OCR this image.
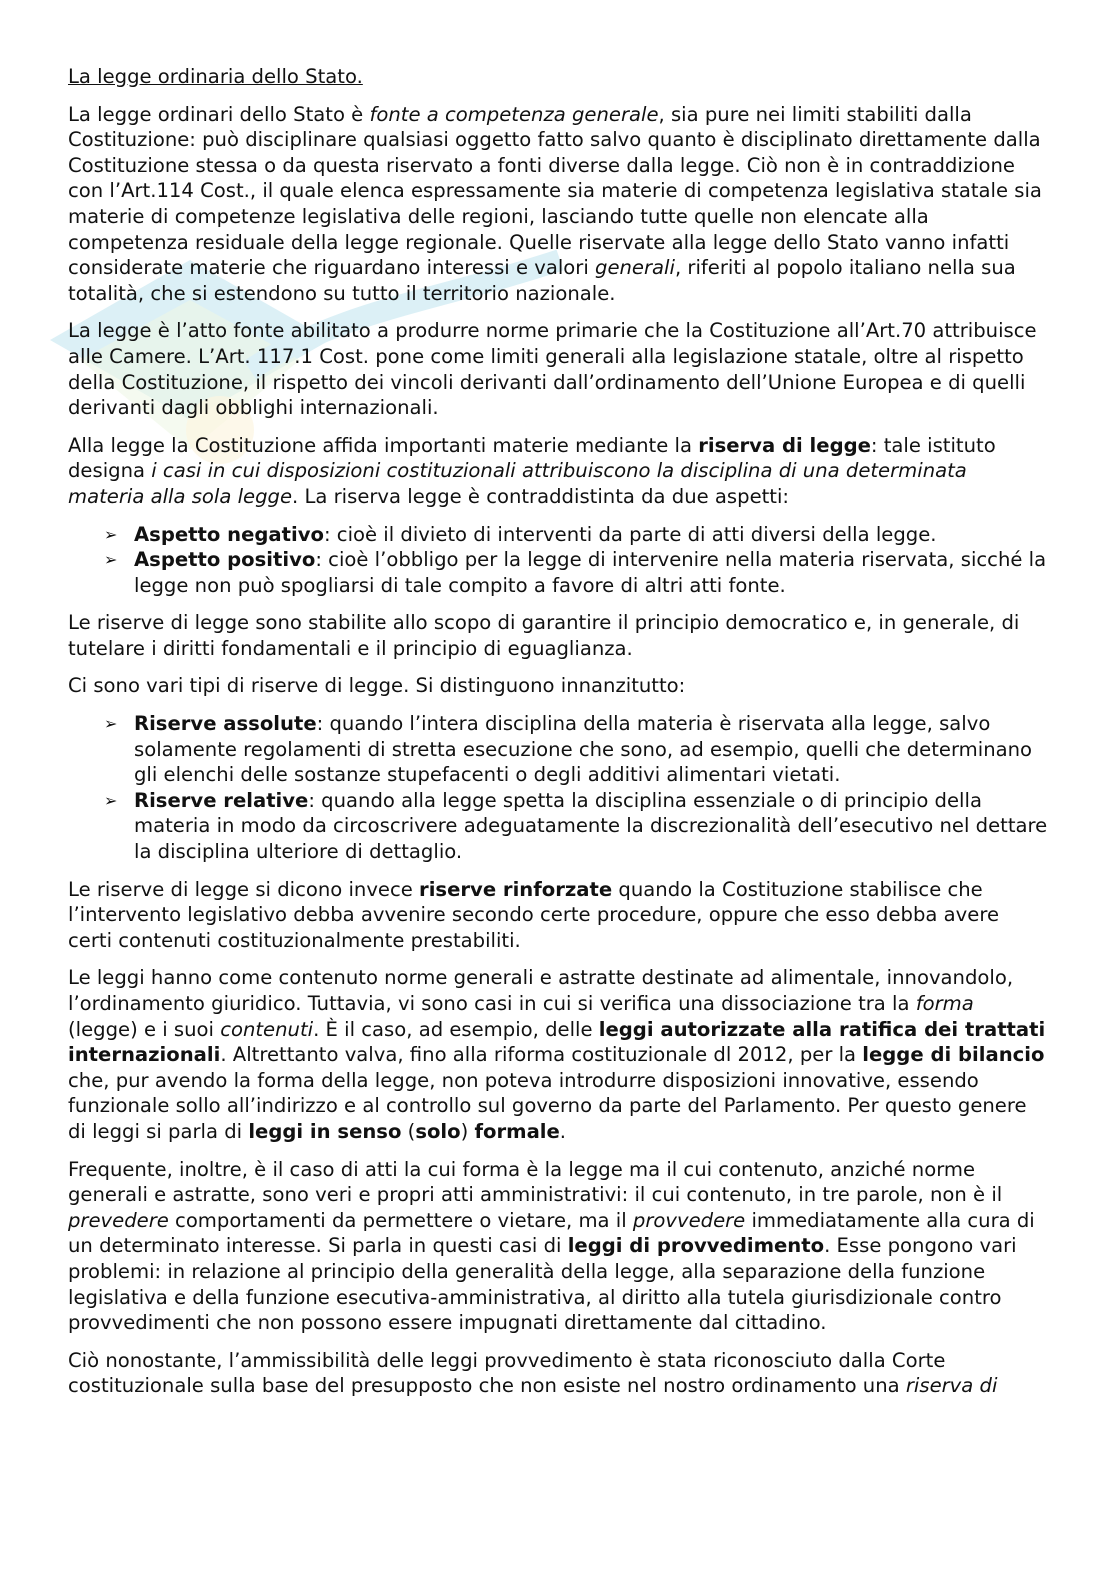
La legge ordinaria dello Stato.

La legge ordinari dello Stato è fonte a competenza generale, sia pure nei limiti stabiliti dalla Costituzione: può disciplinare qualsiasi oggetto fatto salvo quanto è disciplinato direttamente dalla Costituzione stessa o da questa riservato a fonti diverse dalla legge. Ciò non è in contraddizione con l’Art.114 Cost., il quale elenca espressamente sia materie di competenza legislativa statale sia materie di competenze legislativa delle regioni, lasciando tutte quelle non elencate alla competenza residuale della legge regionale. Quelle riservate alla legge dello Stato vanno infatti considerate materie che riguardano interessi e valori generali, riferiti al popolo italiano nella sua totalità, che si estendono su tutto il territorio nazionale.

La legge è l’atto fonte abilitato a produrre norme primarie che la Costituzione all’Art.70 attribuisce alle Camere. L’Art. 117.1 Cost. pone come limiti generali alla legislazione statale, oltre al rispetto della Costituzione, il rispetto dei vincoli derivanti dall’ordinamento dell’Unione Europea e di quelli derivanti dagli obblighi internazionali.

Alla legge la Costituzione affida importanti materie mediante la riserva di legge: tale istituto designa i casi in cui disposizioni costituzionali attribuiscono la disciplina di una determinata materia alla sola legge. La riserva legge è contraddistinta da due aspetti:

➢ Aspetto negativo: cioè il divieto di interventi da parte di atti diversi della legge.
➢ Aspetto positivo: cioè l’obbligo per la legge di intervenire nella materia riservata, sicché la legge non può spogliarsi di tale compito a favore di altri atti fonte.

Le riserve di legge sono stabilite allo scopo di garantire il principio democratico e, in generale, di tutelare i diritti fondamentali e il principio di eguaglianza.

Ci sono vari tipi di riserve di legge. Si distinguono innanzitutto:

➢ Riserve assolute: quando l’intera disciplina della materia è riservata alla legge, salvo solamente regolamenti di stretta esecuzione che sono, ad esempio, quelli che determinano gli elenchi delle sostanze stupefacenti o degli additivi alimentari vietati.
➢ Riserve relative: quando alla legge spetta la disciplina essenziale o di principio della materia in modo da circoscrivere adeguatamente la discrezionalità dell’esecutivo nel dettare la disciplina ulteriore di dettaglio.

Le riserve di legge si dicono invece riserve rinforzate quando la Costituzione stabilisce che l’intervento legislativo debba avvenire secondo certe procedure, oppure che esso debba avere certi contenuti costituzionalmente prestabiliti.

Le leggi hanno come contenuto norme generali e astratte destinate ad alimentale, innovandolo, l’ordinamento giuridico. Tuttavia, vi sono casi in cui si verifica una dissociazione tra la forma (legge) e i suoi contenuti. È il caso, ad esempio, delle leggi autorizzate alla ratifica dei trattati internazionali. Altrettanto valva, fino alla riforma costituzionale dl 2012, per la legge di bilancio che, pur avendo la forma della legge, non poteva introdurre disposizioni innovative, essendo funzionale sollo all’indirizzo e al controllo sul governo da parte del Parlamento. Per questo genere di leggi si parla di leggi in senso (solo) formale.

Frequente, inoltre, è il caso di atti la cui forma è la legge ma il cui contenuto, anziché norme generali e astratte, sono veri e propri atti amministrativi: il cui contenuto, in tre parole, non è il prevedere comportamenti da permettere o vietare, ma il provvedere immediatamente alla cura di un determinato interesse. Si parla in questi casi di leggi di provvedimento. Esse pongono vari problemi: in relazione al principio della generalità della legge, alla separazione della funzione legislativa e della funzione esecutiva-amministrativa, al diritto alla tutela giurisdizionale contro provvedimenti che non possono essere impugnati direttamente dal cittadino.

Ciò nonostante, l’ammissibilità delle leggi provvedimento è stata riconosciuto dalla Corte costituzionale sulla base del presupposto che non esiste nel nostro ordinamento una riserva di
